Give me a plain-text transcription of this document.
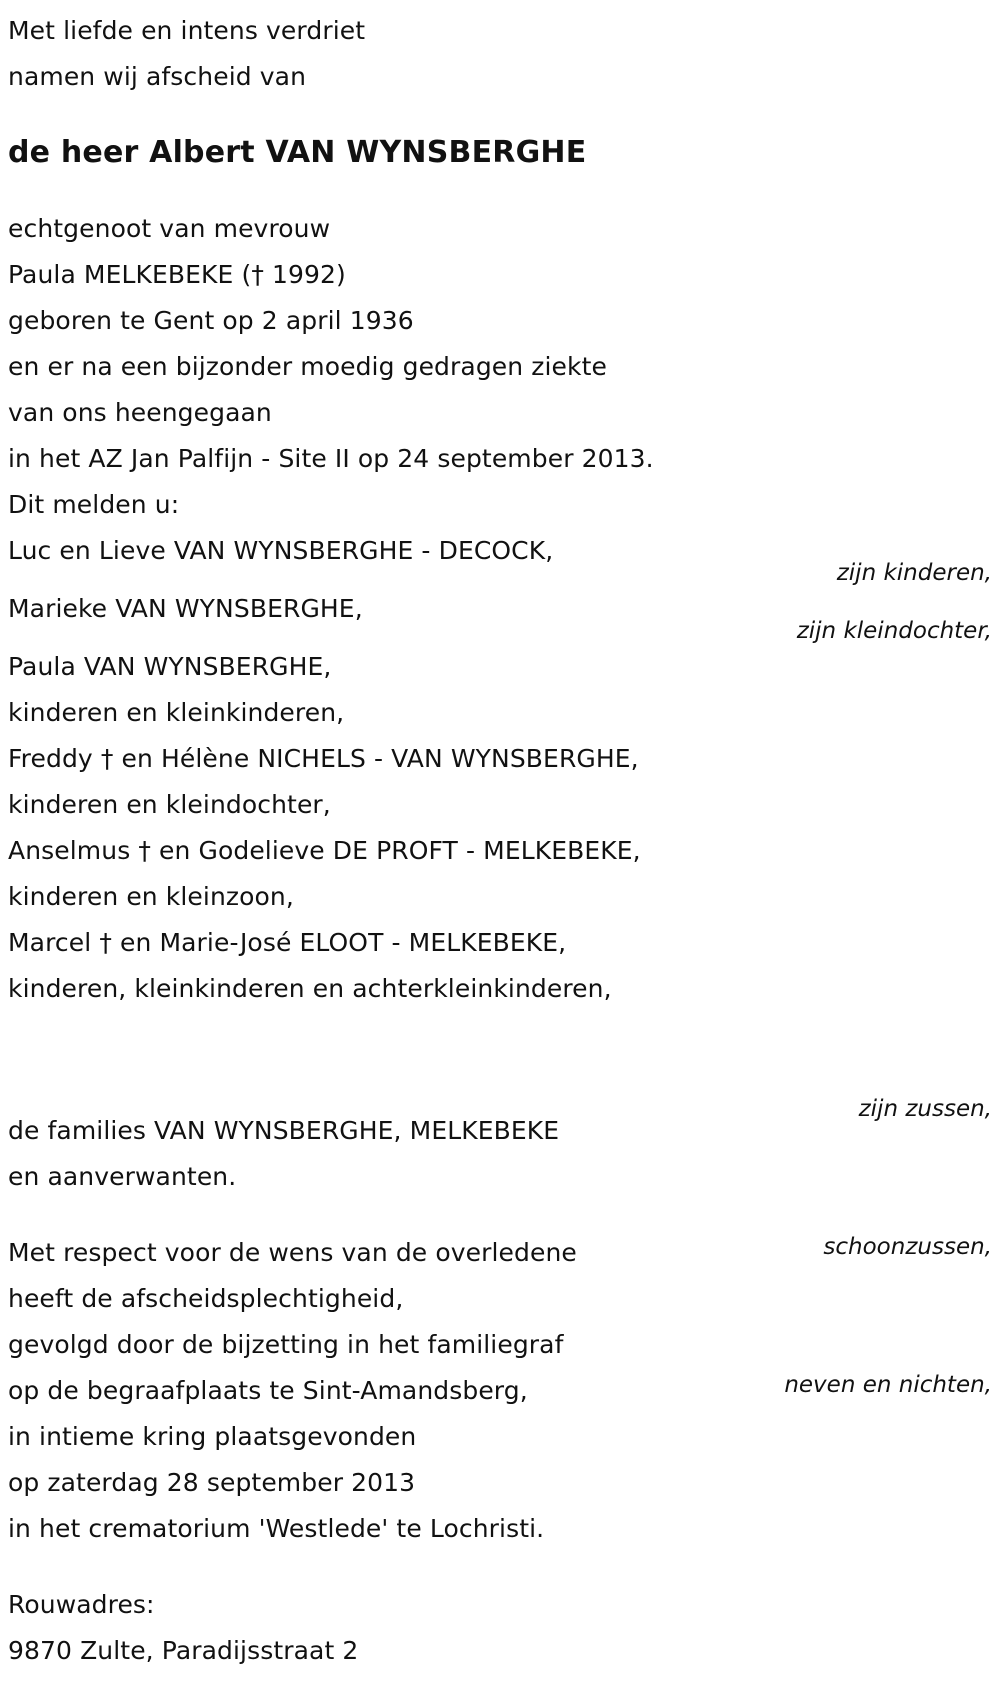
Met liefde en intens verdriet
namen wij afscheid van
de heer Albert VAN WYNSBERGHE
echtgenoot van mevrouw
Paula MELKEBEKE († 1992)
geboren te Gent op 2 april 1936
en er na een bijzonder moedig gedragen ziekte
van ons heengegaan
in het AZ Jan Palfijn - Site II op 24 september 2013.
Dit melden u:
Luc en Lieve VAN WYNSBERGHE - DECOCK,
zijn kinderen,
Marieke VAN WYNSBERGHE,
zijn kleindochter,
Paula VAN WYNSBERGHE,
kinderen en kleinkinderen,
Freddy † en Hélène NICHELS - VAN WYNSBERGHE,
kinderen en kleindochter,
Anselmus † en Godelieve DE PROFT - MELKEBEKE,
kinderen en kleinzoon,
Marcel † en Marie-José ELOOT - MELKEBEKE,
kinderen, kleinkinderen en achterkleinkinderen,

zijn zussen,

schoonzussen,

neven en nichten,

de families VAN WYNSBERGHE, MELKEBEKE
en aanverwanten.
Met respect voor de wens van de overledene
heeft de afscheidsplechtigheid,
gevolgd door de bijzetting in het familiegraf
op de begraafplaats te Sint-Amandsberg,
in intieme kring plaatsgevonden
op zaterdag 28 september 2013
in het crematorium 'Westlede' te Lochristi.
Rouwadres:
9870 Zulte, Paradijsstraat 2
